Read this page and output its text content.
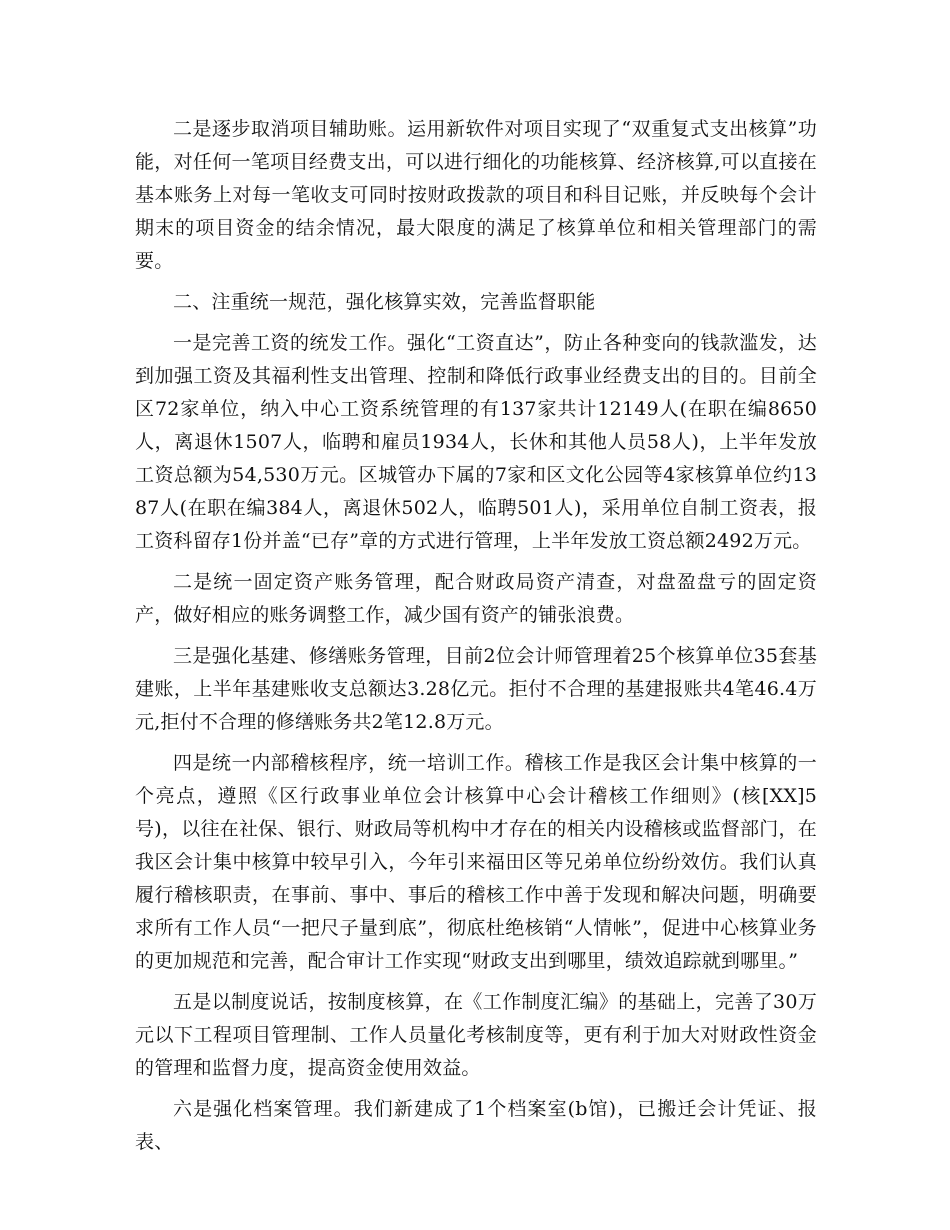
二是逐步取消项目辅助账。运用新软件对项目实现了“双重复式支出核算”功能，对任何一笔项目经费支出，可以进行细化的功能核算、经济核算,可以直接在基本账务上对每一笔收支可同时按财政拨款的项目和科目记账，并反映每个会计期末的项目资金的结余情况，最大限度的满足了核算单位和相关管理部门的需要。

二、注重统一规范，强化核算实效，完善监督职能

一是完善工资的统发工作。强化“工资直达”，防止各种变向的钱款滥发，达到加强工资及其福利性支出管理、控制和降低行政事业经费支出的目的。目前全区72家单位，纳入中心工资系统管理的有137家共计12149人(在职在编8650人，离退休1507人，临聘和雇员1934人，长休和其他人员58人)，上半年发放工资总额为54,530万元。区城管办下属的7家和区文化公园等4家核算单位约1387人(在职在编384人，离退休502人，临聘501人)，采用单位自制工资表，报工资科留存1份并盖“已存”章的方式进行管理，上半年发放工资总额2492万元。

二是统一固定资产账务管理，配合财政局资产清查，对盘盈盘亏的固定资产，做好相应的账务调整工作，减少国有资产的铺张浪费。

三是强化基建、修缮账务管理，目前2位会计师管理着25个核算单位35套基建账，上半年基建账收支总额达3.28亿元。拒付不合理的基建报账共4笔46.4万元,拒付不合理的修缮账务共2笔12.8万元。

四是统一内部稽核程序，统一培训工作。稽核工作是我区会计集中核算的一个亮点，遵照《区行政事业单位会计核算中心会计稽核工作细则》(核[XX]5号)，以往在社保、银行、财政局等机构中才存在的相关内设稽核或监督部门，在我区会计集中核算中较早引入，今年引来福田区等兄弟单位纷纷效仿。我们认真履行稽核职责，在事前、事中、事后的稽核工作中善于发现和解决问题，明确要求所有工作人员“一把尺子量到底”，彻底杜绝核销“人情帐”，促进中心核算业务的更加规范和完善，配合审计工作实现“财政支出到哪里，绩效追踪就到哪里。”

五是以制度说话，按制度核算，在《工作制度汇编》的基础上，完善了30万元以下工程项目管理制、工作人员量化考核制度等，更有利于加大对财政性资金的管理和监督力度，提高资金使用效益。

六是强化档案管理。我们新建成了1个档案室(b馆)，已搬迁会计凭证、报表、
